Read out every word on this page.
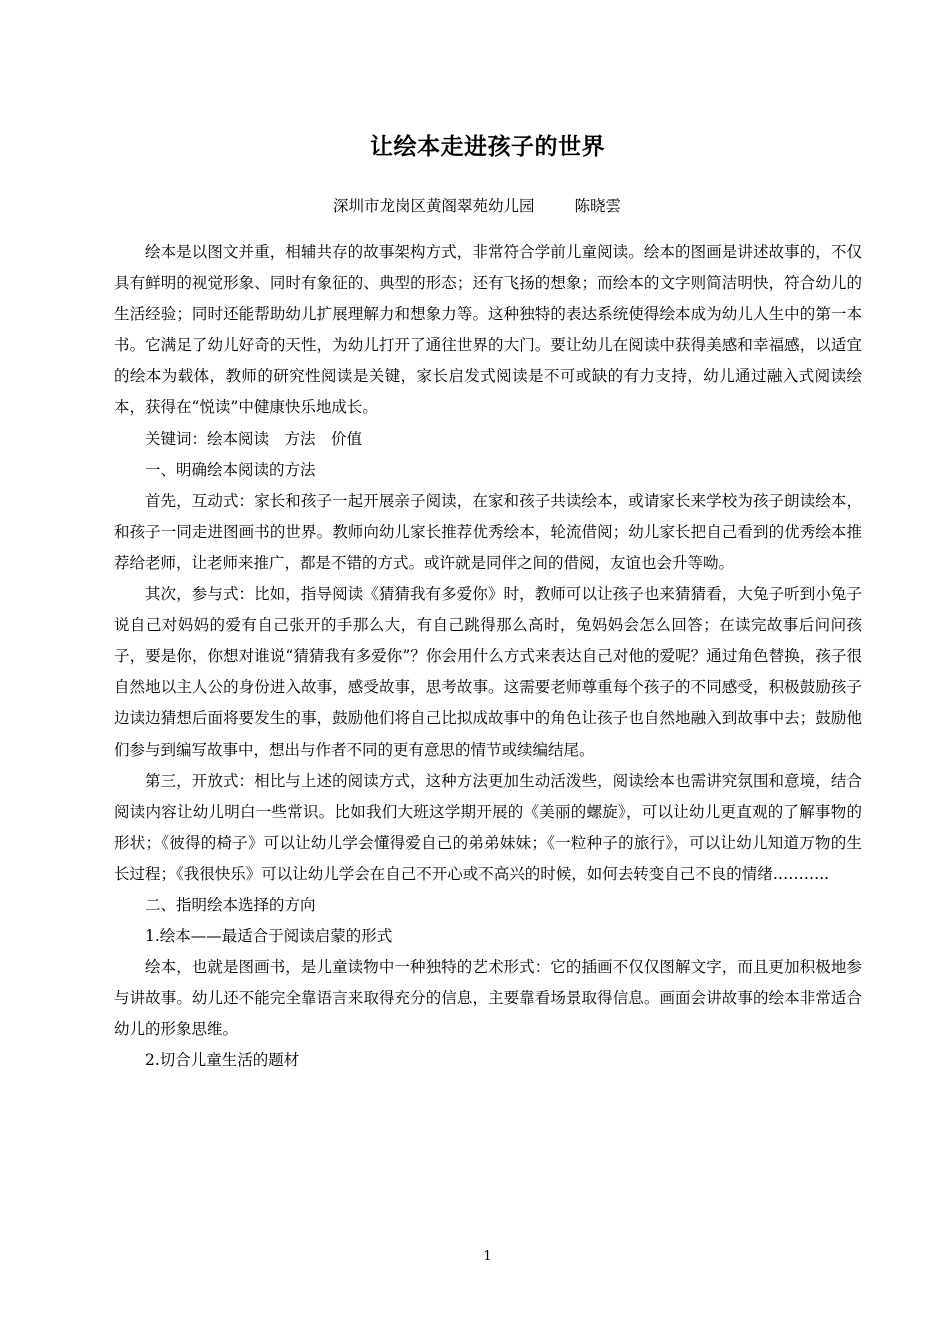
让绘本走进孩子的世界
深圳市龙岗区黄阁翠苑幼儿园	陈晓雲

绘本是以图文并重，相辅共存的故事架构方式，非常符合学前儿童阅读。绘本的图画是讲述故事的，不仅具有鲜明的视觉形象、同时有象征的、典型的形态；还有飞扬的想象；而绘本的文字则简洁明快，符合幼儿的生活经验；同时还能帮助幼儿扩展理解力和想象力等。这种独特的表达系统使得绘本成为幼儿人生中的第一本书。它满足了幼儿好奇的天性，为幼儿打开了通往世界的大门。要让幼儿在阅读中获得美感和幸福感，以适宜的绘本为载体，教师的研究性阅读是关键，家长启发式阅读是不可或缺的有力支持，幼儿通过融入式阅读绘本，获得在“悦读”中健康快乐地成长。

关键词：绘本阅读　方法　价值
一、明确绘本阅读的方法

首先，互动式：家长和孩子一起开展亲子阅读，在家和孩子共读绘本，或请家长来学校为孩子朗读绘本，和孩子一同走进图画书的世界。教师向幼儿家长推荐优秀绘本，轮流借阅；幼儿家长把自己看到的优秀绘本推荐给老师，让老师来推广，都是不错的方式。或许就是同伴之间的借阅，友谊也会升等呦。

其次，参与式：比如，指导阅读《猜猜我有多爱你》时，教师可以让孩子也来猜猜看，大兔子听到小兔子说自己对妈妈的爱有自己张开的手那么大，有自己跳得那么高时，兔妈妈会怎么回答；在读完故事后问问孩子，要是你，你想对谁说“猜猜我有多爱你”？你会用什么方式来表达自己对他的爱呢？通过角色替换，孩子很自然地以主人公的身份进入故事，感受故事，思考故事。这需要老师尊重每个孩子的不同感受，积极鼓励孩子边读边猜想后面将要发生的事，鼓励他们将自己比拟成故事中的角色让孩子也自然地融入到故事中去；鼓励他们参与到编写故事中，想出与作者不同的更有意思的情节或续编结尾。

第三，开放式：相比与上述的阅读方式，这种方法更加生动活泼些，阅读绘本也需讲究氛围和意境，结合阅读内容让幼儿明白一些常识。比如我们大班这学期开展的《美丽的螺旋》，可以让幼儿更直观的了解事物的形状；《彼得的椅子》可以让幼儿学会懂得爱自己的弟弟妹妹；《一粒种子的旅行》，可以让幼儿知道万物的生长过程；《我很快乐》可以让幼儿学会在自己不开心或不高兴的时候，如何去转变自己不良的情绪………..

二、指明绘本选择的方向
1.绘本——最适合于阅读启蒙的形式

绘本，也就是图画书，是儿童读物中一种独特的艺术形式：它的插画不仅仅图解文字，而且更加积极地参与讲故事。幼儿还不能完全靠语言来取得充分的信息，主要靠看场景取得信息。画面会讲故事的绘本非常适合幼儿的形象思维。

2.切合儿童生活的题材
1
